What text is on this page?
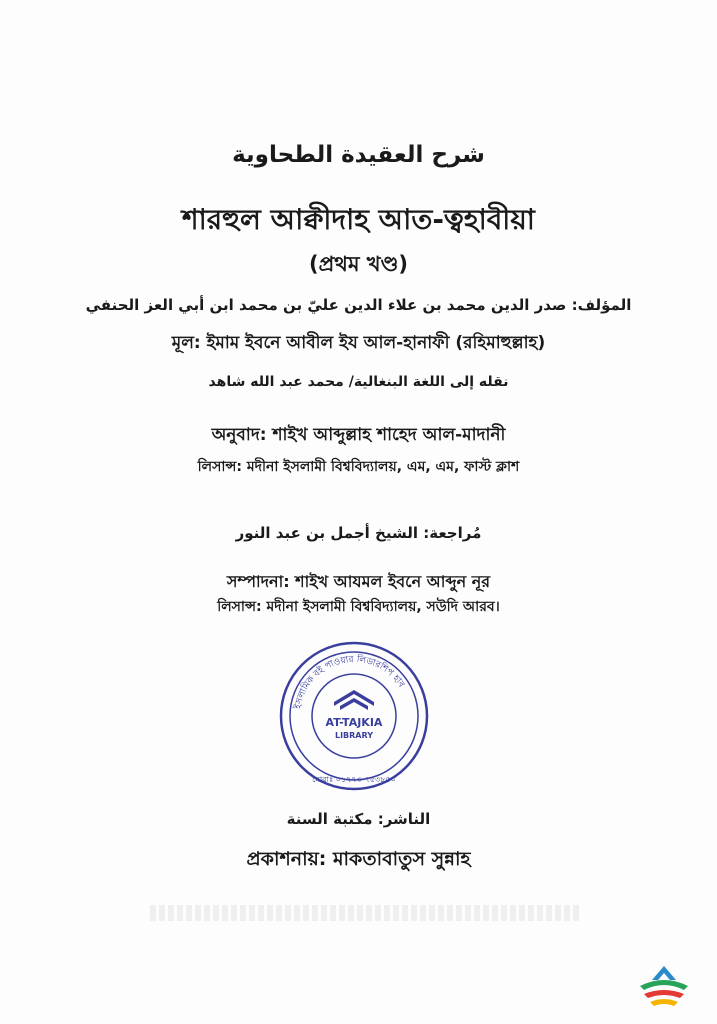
شرح العقيدة الطحاوية
শারহুল আক্বীদাহ আত-ত্বহাবীয়া
(প্রথম খণ্ড)
المؤلف: صدر الدين محمد بن علاء الدين عليّ بن محمد ابن أبي العز الحنفي
মূল: ইমাম ইবনে আবীল ইয আল-হানাফী (রহিমাহুল্লাহ)
نقله إلى اللغة البنغالية/ محمد عبد الله شاهد
অনুবাদ: শাইখ আব্দুল্লাহ শাহেদ আল-মাদানী
লিসান্স: মদীনা ইসলামী বিশ্ববিদ্যালয়, এম, এম, ফাস্ট ক্লাশ
مُراجعة: الشيخ أجمل بن عبد النور
সম্পাদনা: শাইখ আযমল ইবনে আব্দুন নূর
লিসান্স: মদীনা ইসলামী বিশ্ববিদ্যালয়, সউদি আরব।
ইসলামিক বই পাওয়ার লিডারশিপ হাব
মোবাঃ ০১৭৭৩-৭৫৩৮৫০
AT-TAJKIA
LIBRARY
الناشر: مكتبة السنة
প্রকাশনায়: মাকতাবাতুস সুন্নাহ
